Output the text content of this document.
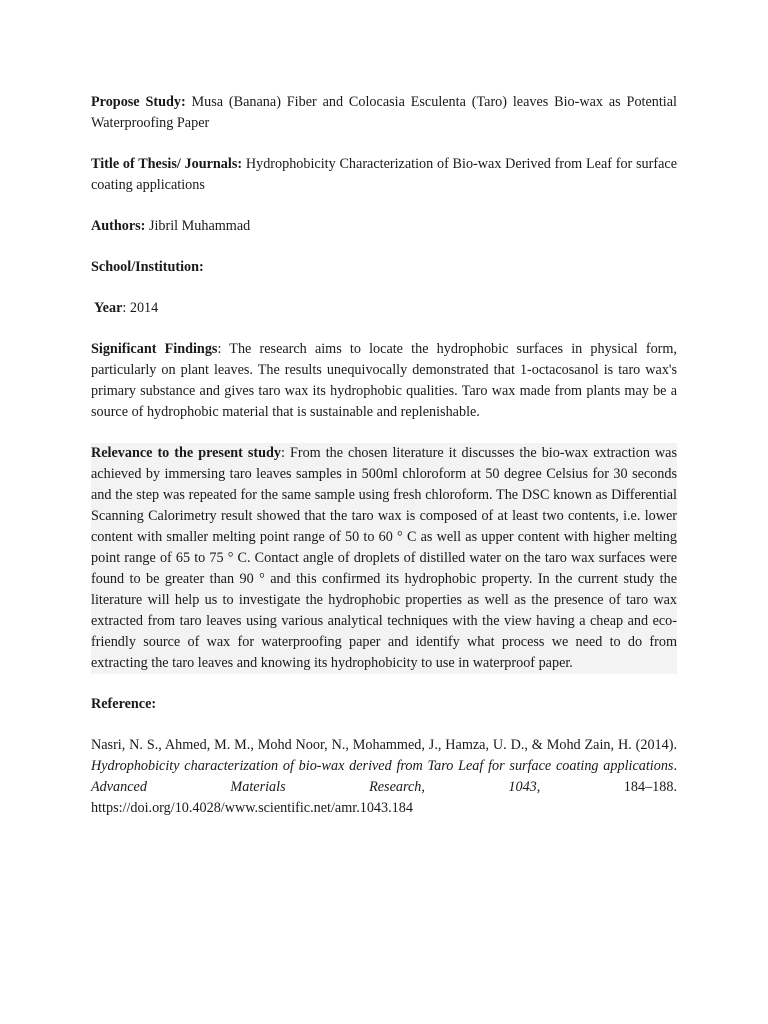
Propose Study: Musa (Banana) Fiber and Colocasia Esculenta (Taro) leaves Bio-wax as Potential Waterproofing Paper

Title of Thesis/ Journals: Hydrophobicity Characterization of Bio-wax Derived from Leaf for surface coating applications

Authors: Jibril Muhammad

School/Institution:

Year: 2014

Significant Findings: The research aims to locate the hydrophobic surfaces in physical form, particularly on plant leaves. The results unequivocally demonstrated that 1-octacosanol is taro wax's primary substance and gives taro wax its hydrophobic qualities. Taro wax made from plants may be a source of hydrophobic material that is sustainable and replenishable.

Relevance to the present study: From the chosen literature it discusses the bio-wax extraction was achieved by immersing taro leaves samples in 500ml chloroform at 50 degree Celsius for 30 seconds and the step was repeated for the same sample using fresh chloroform. The DSC known as Differential Scanning Calorimetry result showed that the taro wax is composed of at least two contents, i.e. lower content with smaller melting point range of 50 to 60 ° C as well as upper content with higher melting point range of 65 to 75 ° C. Contact angle of droplets of distilled water on the taro wax surfaces were found to be greater than 90 ° and this confirmed its hydrophobic property. In the current study the literature will help us to investigate the hydrophobic properties as well as the presence of taro wax extracted from taro leaves using various analytical techniques with the view having a cheap and eco-friendly source of wax for waterproofing paper and identify what process we need to do from extracting the taro leaves and knowing its hydrophobicity to use in waterproof paper.

Reference:

Nasri, N. S., Ahmed, M. M., Mohd Noor, N., Mohammed, J., Hamza, U. D., & Mohd Zain, H. (2014). Hydrophobicity characterization of bio-wax derived from Taro Leaf for surface coating applications. Advanced Materials Research, 1043, 184–188. https://doi.org/10.4028/www.scientific.net/amr.1043.184
